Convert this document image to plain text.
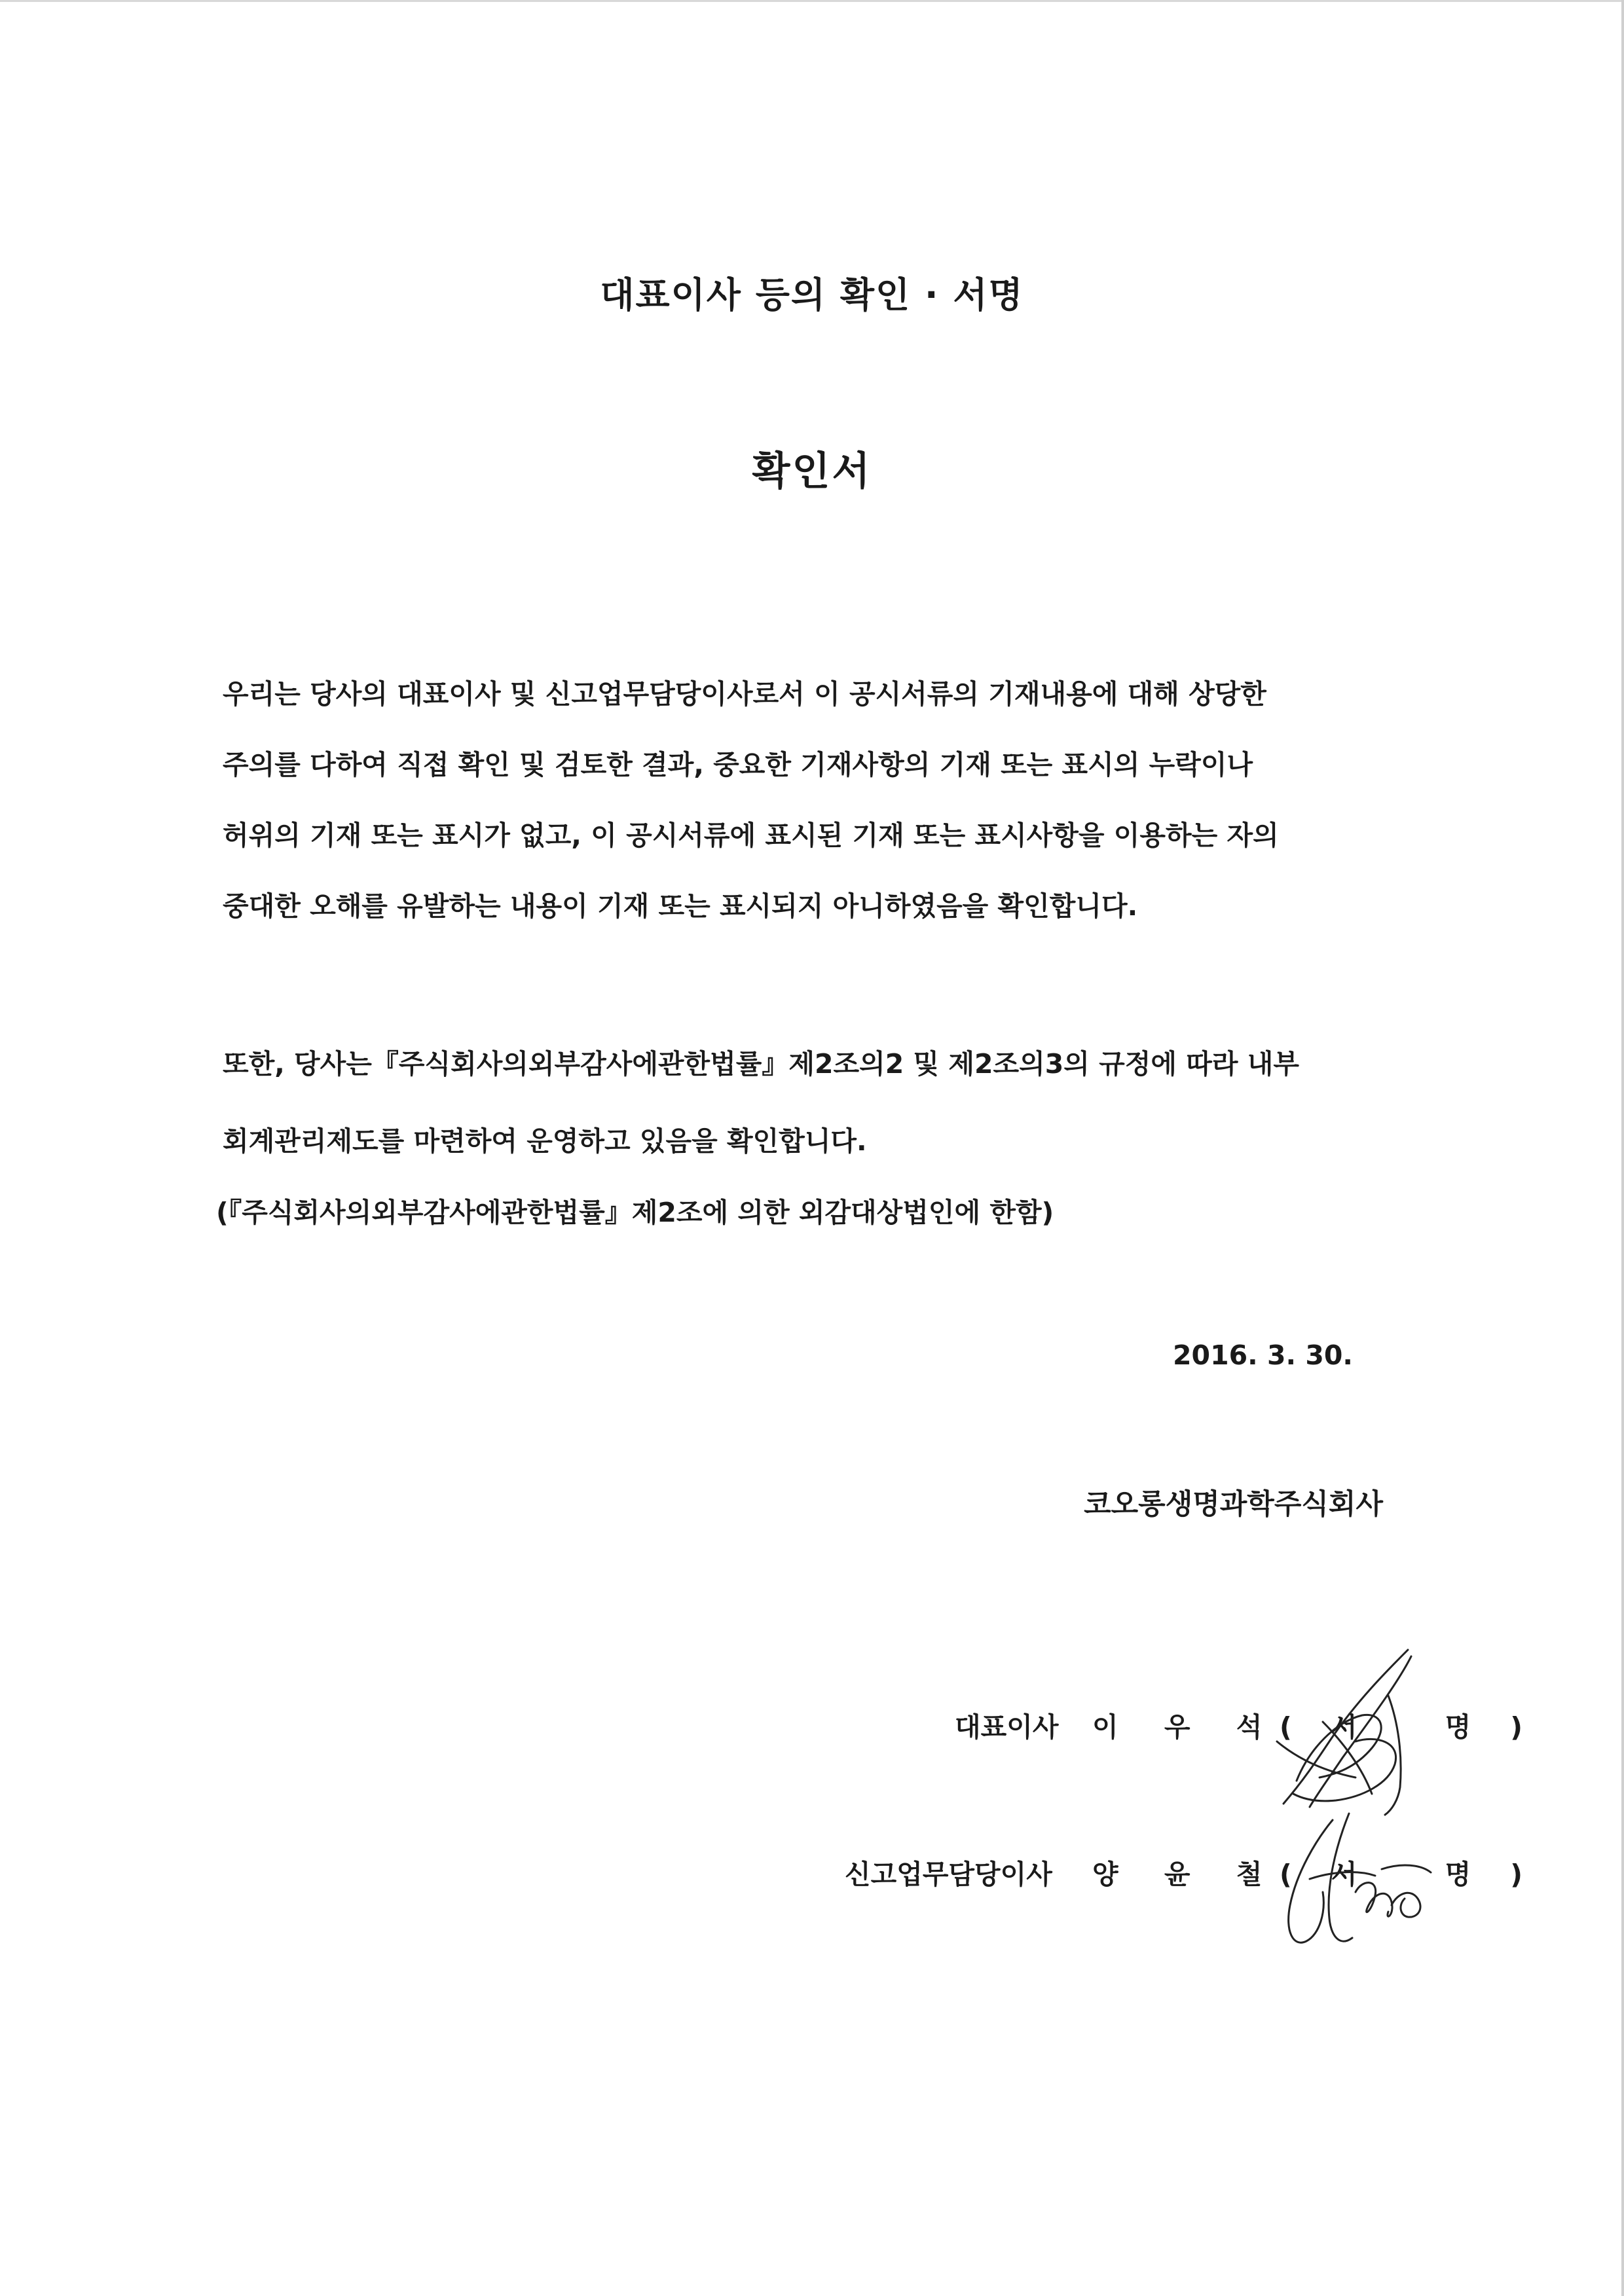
대표이사 등의 확인 · 서명
확인서
우리는 당사의 대표이사 및 신고업무담당이사로서 이 공시서류의 기재내용에 대해 상당한
주의를 다하여 직접 확인 및 검토한 결과, 중요한 기재사항의 기재 또는 표시의 누락이나
허위의 기재 또는 표시가 없고, 이 공시서류에 표시된 기재 또는 표시사항을 이용하는 자의
중대한 오해를 유발하는 내용이 기재 또는 표시되지 아니하였음을 확인합니다.
또한, 당사는『주식회사의외부감사에관한법률』제2조의2 및 제2조의3의 규정에 따라 내부
회계관리제도를 마련하여 운영하고 있음을 확인합니다.
(『주식회사의외부감사에관한법률』제2조에 의한 외감대상법인에 한함)
2016. 3. 30.
코오롱생명과학주식회사
대표이사 이 우 석
(서 명)
신고업무담당이사 양 윤 철
(서 명)
